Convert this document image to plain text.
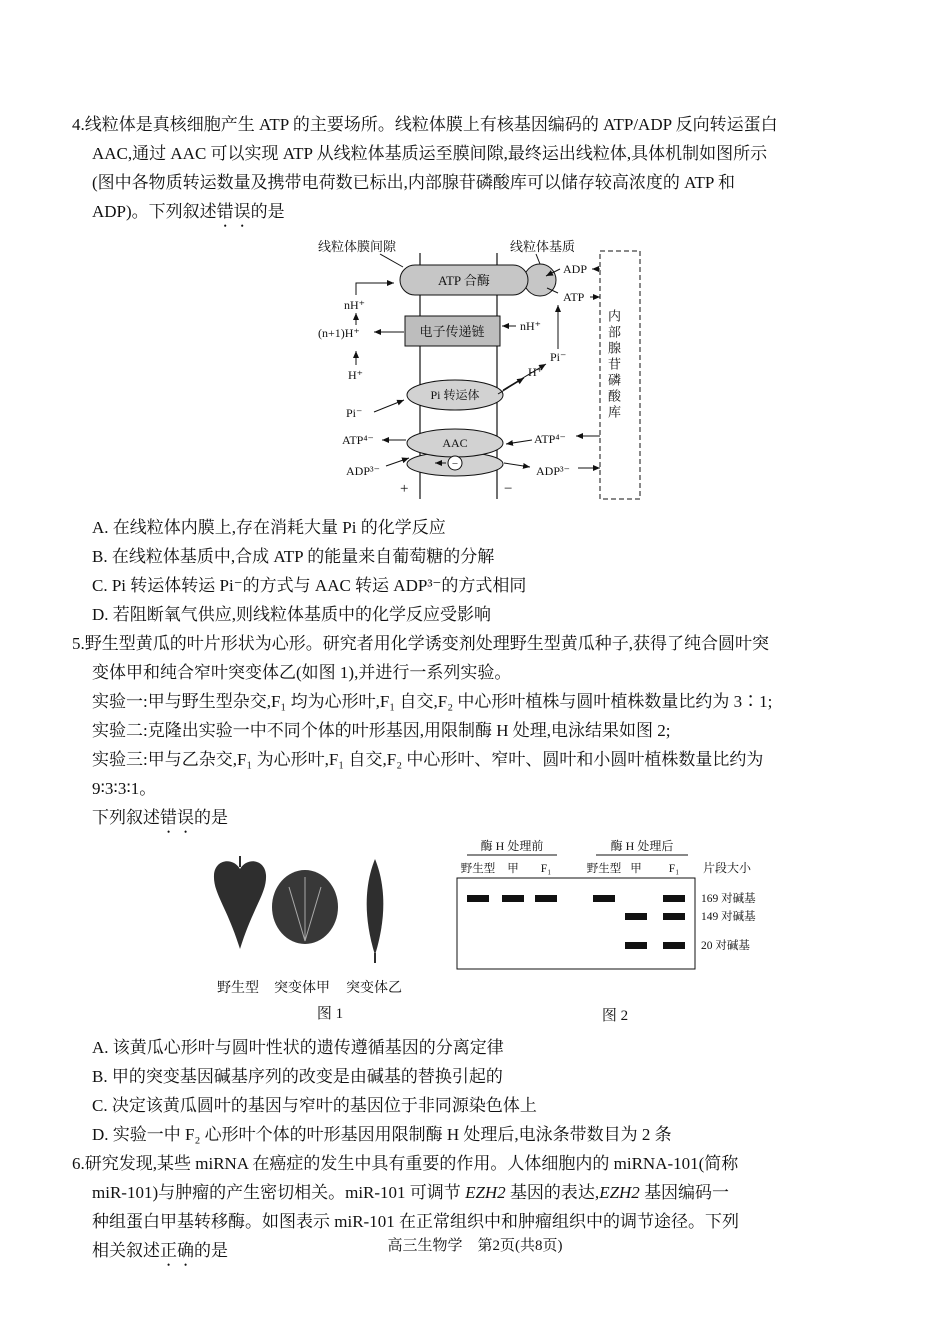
4.线粒体是真核细胞产生 ATP 的主要场所。线粒体膜上有核基因编码的 ATP/ADP 反向转运蛋白
AAC,通过 AAC 可以实现 ATP 从线粒体基质运至膜间隙,最终运出线粒体,具体机制如图所示
(图中各物质转运数量及携带电荷数已标出,内部腺苷磷酸库可以储存较高浓度的 ATP 和
ADP)。下列叙述错误的是
线粒体膜间隙	线粒体基质
ATP 合酶
电子传递链
Pi 转运体
AAC
−
ADP
ATP
nH⁺
(n+1)H⁺
H⁺
nH⁺
Pi⁻
H⁺
Pi⁻
ATP⁴⁻
ADP³⁻
ATP⁴⁻
ADP³⁻
+	−
内部腺苷磷酸库
A. 在线粒体内膜上,存在消耗大量 Pi 的化学反应
B. 在线粒体基质中,合成 ATP 的能量来自葡萄糖的分解
C. Pi 转运体转运 Pi⁻的方式与 AAC 转运 ADP³⁻的方式相同
D. 若阻断氧气供应,则线粒体基质中的化学反应受影响
5.野生型黄瓜的叶片形状为心形。研究者用化学诱变剂处理野生型黄瓜种子,获得了纯合圆叶突
变体甲和纯合窄叶突变体乙(如图 1),并进行一系列实验。
实验一:甲与野生型杂交,F₁ 均为心形叶,F₁ 自交,F₂ 中心形叶植株与圆叶植株数量比约为 3∶1;
实验二:克隆出实验一中不同个体的叶形基因,用限制酶 H 处理,电泳结果如图 2;
实验三:甲与乙杂交,F₁ 为心形叶,F₁ 自交,F₂ 中心形叶、窄叶、圆叶和小圆叶植株数量比约为
9∶3∶3∶1。
下列叙述错误的是
野生型 突变体甲 突变体乙
图 1
酶 H 处理前	酶 H 处理后
野生型 甲 F₁	野生型 甲 F₁ 片段大小
169 对碱基
149 对碱基
20 对碱基
图 2
A. 该黄瓜心形叶与圆叶性状的遗传遵循基因的分离定律
B. 甲的突变基因碱基序列的改变是由碱基的替换引起的
C. 决定该黄瓜圆叶的基因与窄叶的基因位于非同源染色体上
D. 实验一中 F₂ 心形叶个体的叶形基因用限制酶 H 处理后,电泳条带数目为 2 条
6.研究发现,某些 miRNA 在癌症的发生中具有重要的作用。人体细胞内的 miRNA-101(简称
miR-101)与肿瘤的产生密切相关。miR-101 可调节 EZH2 基因的表达,EZH2 基因编码一
种组蛋白甲基转移酶。如图表示 miR-101 在正常组织中和肿瘤组织中的调节途径。下列
相关叙述正确的是	高三生物学　第2页(共8页)
